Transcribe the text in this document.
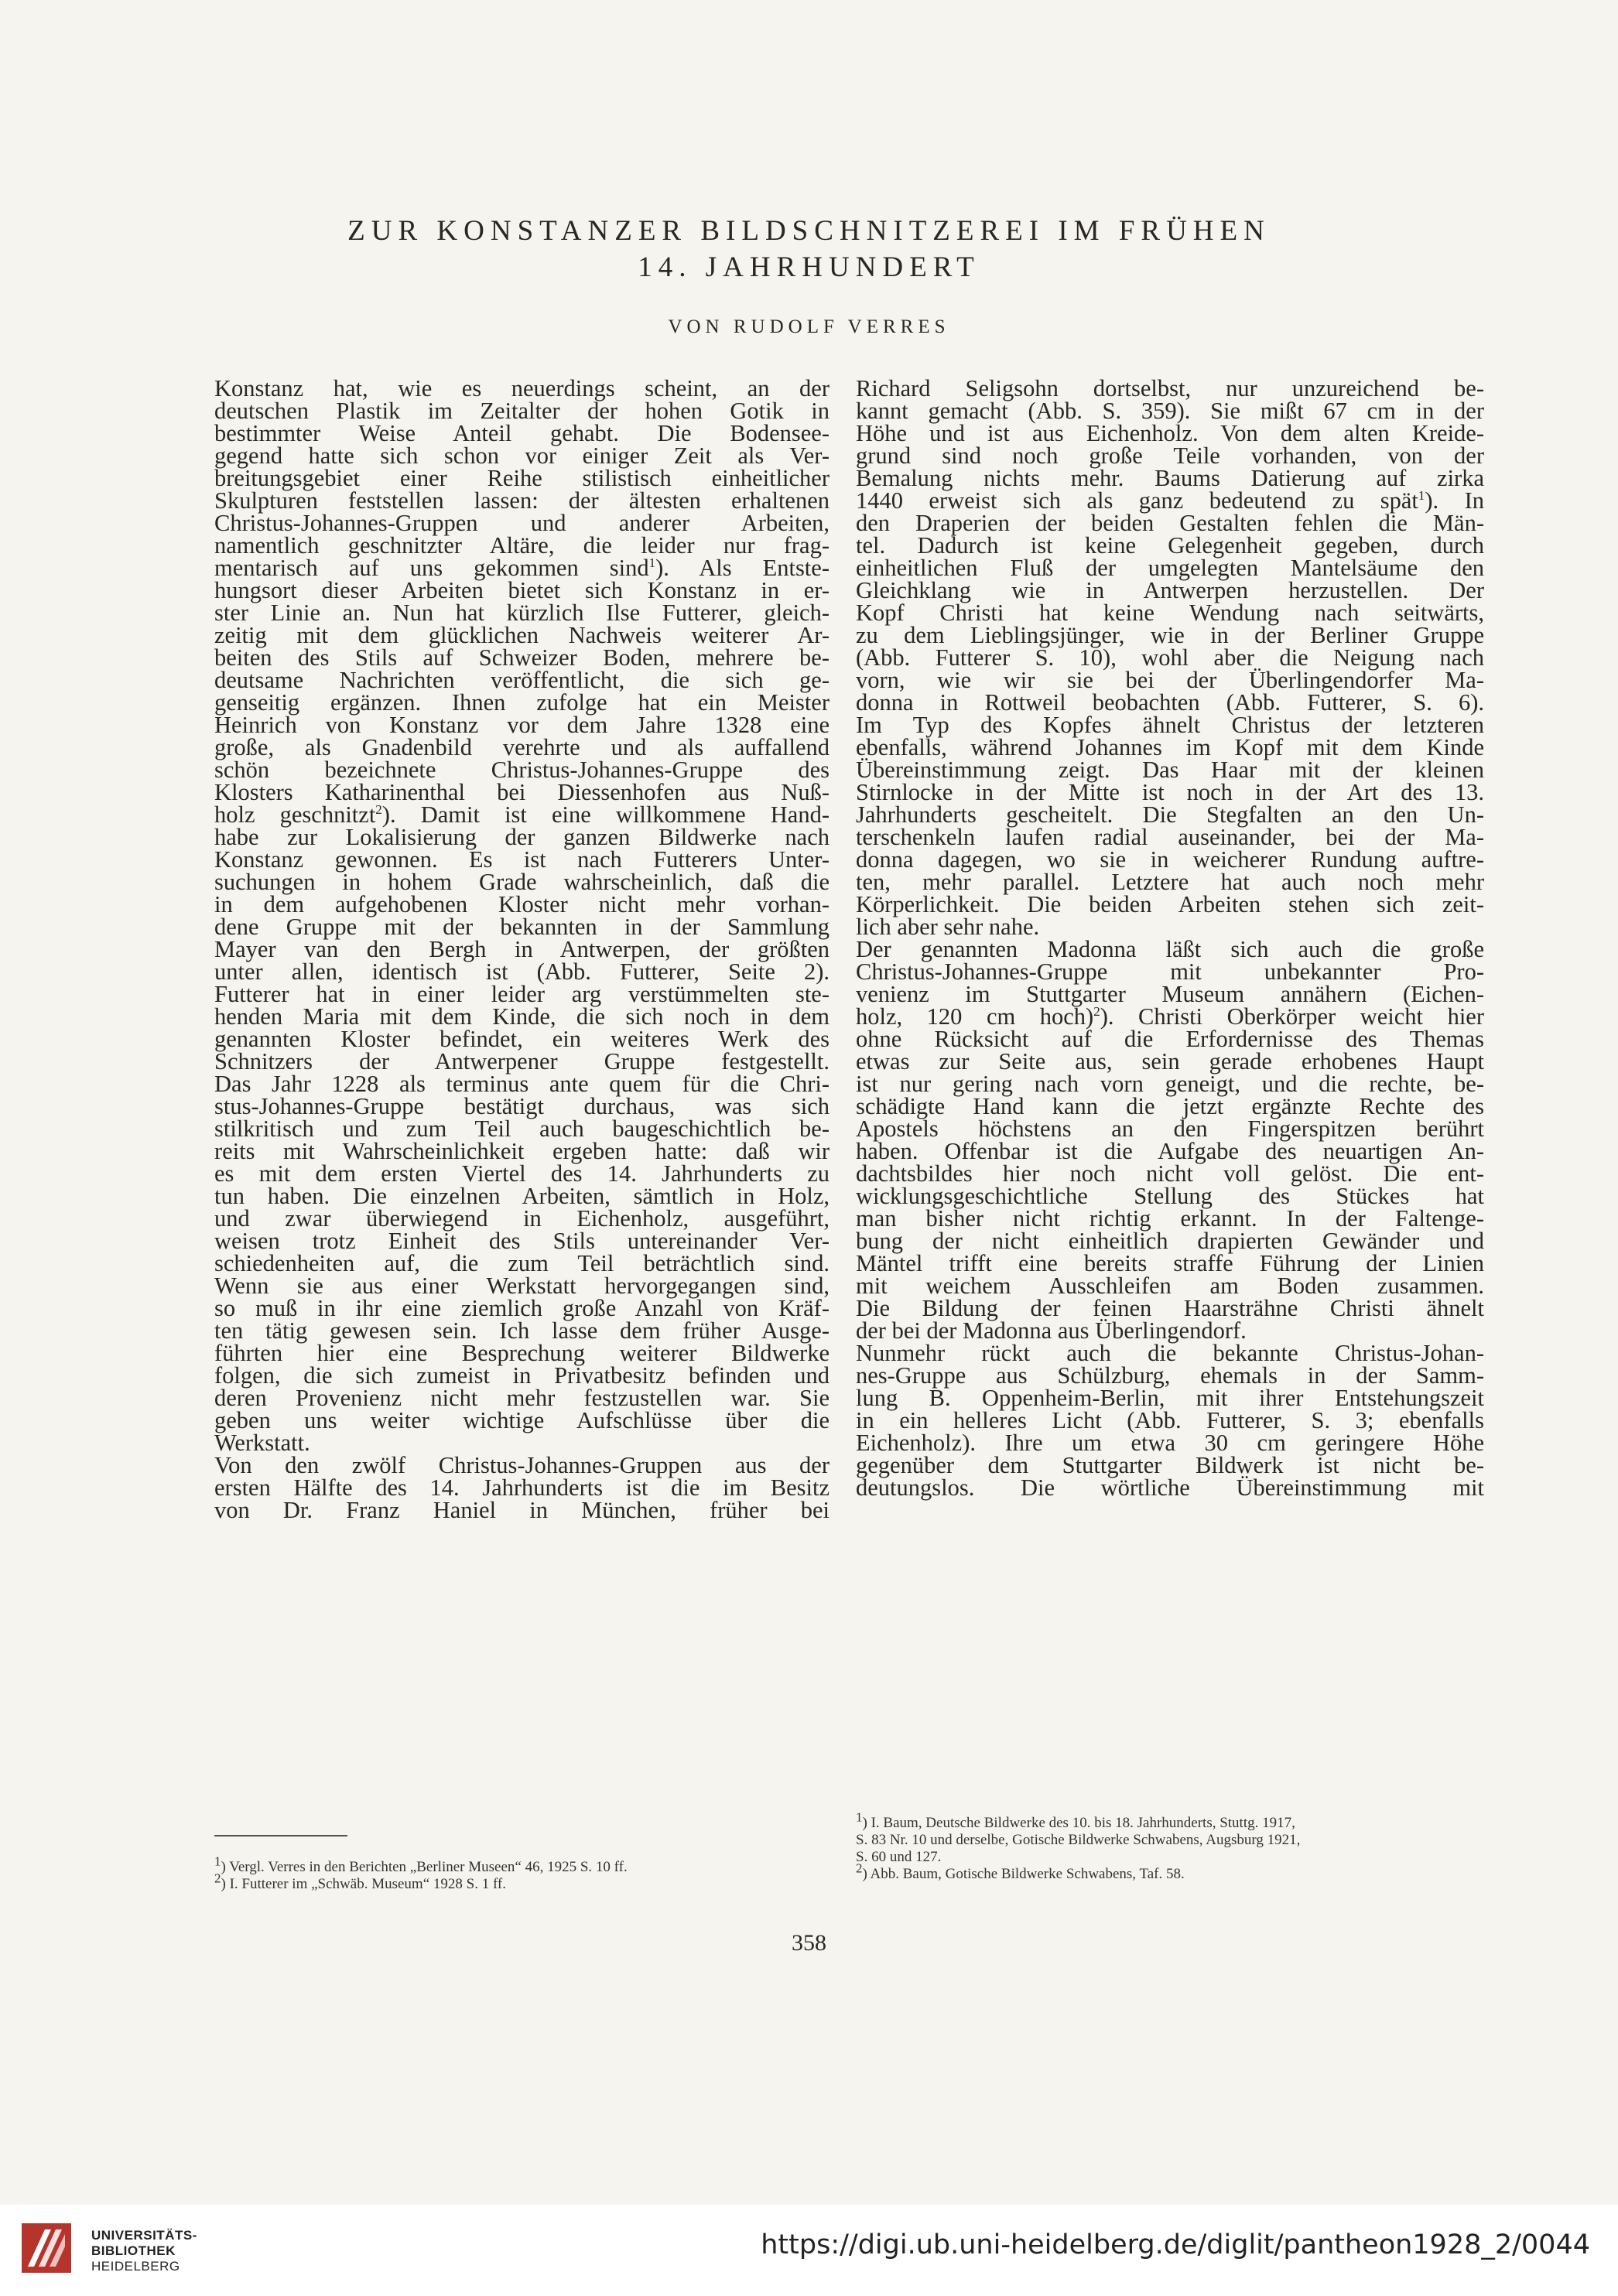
ZUR KONSTANZER BILDSCHNITZEREI IM FRÜHEN
14. JAHRHUNDERT
VON RUDOLF VERRES
Konstanz hat, wie es neuerdings scheint, an der
deutschen Plastik im Zeitalter der hohen Gotik in
bestimmter Weise Anteil gehabt. Die Bodensee-
gegend hatte sich schon vor einiger Zeit als Ver-
breitungsgebiet einer Reihe stilistisch einheitlicher
Skulpturen feststellen lassen: der ältesten erhaltenen
Christus-Johannes-Gruppen und anderer Arbeiten,
namentlich geschnitzter Altäre, die leider nur frag-
mentarisch auf uns gekommen sind$^1$). Als Entste-
hungsort dieser Arbeiten bietet sich Konstanz in er-
ster Linie an. Nun hat kürzlich Ilse Futterer, gleich-
zeitig mit dem glücklichen Nachweis weiterer Ar-
beiten des Stils auf Schweizer Boden, mehrere be-
deutsame Nachrichten veröffentlicht, die sich ge-
genseitig ergänzen. Ihnen zufolge hat ein Meister
Heinrich von Konstanz vor dem Jahre 1328 eine
große, als Gnadenbild verehrte und als auffallend
schön bezeichnete Christus-Johannes-Gruppe des
Klosters Katharinenthal bei Diessenhofen aus Nuß-
holz geschnitzt$^2$). Damit ist eine willkommene Hand-
habe zur Lokalisierung der ganzen Bildwerke nach
Konstanz gewonnen. Es ist nach Futterers Unter-
suchungen in hohem Grade wahrscheinlich, daß die
in dem aufgehobenen Kloster nicht mehr vorhan-
dene Gruppe mit der bekannten in der Sammlung
Mayer van den Bergh in Antwerpen, der größten
unter allen, identisch ist (Abb. Futterer, Seite 2).
Futterer hat in einer leider arg verstümmelten ste-
henden Maria mit dem Kinde, die sich noch in dem
genannten Kloster befindet, ein weiteres Werk des
Schnitzers der Antwerpener Gruppe festgestellt.
Das Jahr 1228 als terminus ante quem für die Chri-
stus-Johannes-Gruppe bestätigt durchaus, was sich
stilkritisch und zum Teil auch baugeschichtlich be-
reits mit Wahrscheinlichkeit ergeben hatte: daß wir
es mit dem ersten Viertel des 14. Jahrhunderts zu
tun haben. Die einzelnen Arbeiten, sämtlich in Holz,
und zwar überwiegend in Eichenholz, ausgeführt,
weisen trotz Einheit des Stils untereinander Ver-
schiedenheiten auf, die zum Teil beträchtlich sind.
Wenn sie aus einer Werkstatt hervorgegangen sind,
so muß in ihr eine ziemlich große Anzahl von Kräf-
ten tätig gewesen sein. Ich lasse dem früher Ausge-
führten hier eine Besprechung weiterer Bildwerke
folgen, die sich zumeist in Privatbesitz befinden und
deren Provenienz nicht mehr festzustellen war. Sie
geben uns weiter wichtige Aufschlüsse über die
Werkstatt.
Von den zwölf Christus-Johannes-Gruppen aus der
ersten Hälfte des 14. Jahrhunderts ist die im Besitz
von Dr. Franz Haniel in München, früher bei
Richard Seligsohn dortselbst, nur unzureichend be-
kannt gemacht (Abb. S. 359). Sie mißt 67 cm in der
Höhe und ist aus Eichenholz. Von dem alten Kreide-
grund sind noch große Teile vorhanden, von der
Bemalung nichts mehr. Baums Datierung auf zirka
1440 erweist sich als ganz bedeutend zu spät$^1$). In
den Draperien der beiden Gestalten fehlen die Män-
tel. Dadurch ist keine Gelegenheit gegeben, durch
einheitlichen Fluß der umgelegten Mantelsäume den
Gleichklang wie in Antwerpen herzustellen. Der
Kopf Christi hat keine Wendung nach seitwärts,
zu dem Lieblingsjünger, wie in der Berliner Gruppe
(Abb. Futterer S. 10), wohl aber die Neigung nach
vorn, wie wir sie bei der Überlingendorfer Ma-
donna in Rottweil beobachten (Abb. Futterer, S. 6).
Im Typ des Kopfes ähnelt Christus der letzteren
ebenfalls, während Johannes im Kopf mit dem Kinde
Übereinstimmung zeigt. Das Haar mit der kleinen
Stirnlocke in der Mitte ist noch in der Art des 13.
Jahrhunderts gescheitelt. Die Stegfalten an den Un-
terschenkeln laufen radial auseinander, bei der Ma-
donna dagegen, wo sie in weicherer Rundung auftre-
ten, mehr parallel. Letztere hat auch noch mehr
Körperlichkeit. Die beiden Arbeiten stehen sich zeit-
lich aber sehr nahe.
Der genannten Madonna läßt sich auch die große
Christus-Johannes-Gruppe mit unbekannter Pro-
venienz im Stuttgarter Museum annähern (Eichen-
holz, 120 cm hoch)$^2$). Christi Oberkörper weicht hier
ohne Rücksicht auf die Erfordernisse des Themas
etwas zur Seite aus, sein gerade erhobenes Haupt
ist nur gering nach vorn geneigt, und die rechte, be-
schädigte Hand kann die jetzt ergänzte Rechte des
Apostels höchstens an den Fingerspitzen berührt
haben. Offenbar ist die Aufgabe des neuartigen An-
dachtsbildes hier noch nicht voll gelöst. Die ent-
wicklungsgeschichtliche Stellung des Stückes hat
man bisher nicht richtig erkannt. In der Faltenge-
bung der nicht einheitlich drapierten Gewänder und
Mäntel trifft eine bereits straffe Führung der Linien
mit weichem Ausschleifen am Boden zusammen.
Die Bildung der feinen Haarsträhne Christi ähnelt
der bei der Madonna aus Überlingendorf.
Nunmehr rückt auch die bekannte Christus-Johan-
nes-Gruppe aus Schülzburg, ehemals in der Samm-
lung B. Oppenheim-Berlin, mit ihrer Entstehungszeit
in ein helleres Licht (Abb. Futterer, S. 3; ebenfalls
Eichenholz). Ihre um etwa 30 cm geringere Höhe
gegenüber dem Stuttgarter Bildwerk ist nicht be-
deutungslos. Die wörtliche Übereinstimmung mit
$^1$) Vergl. Verres in den Berichten „Berliner Museen“ 46, 1925 S. 10 ff.
$^2$) I. Futterer im „Schwäb. Museum“ 1928 S. 1 ff.
$^1$) I. Baum, Deutsche Bildwerke des 10. bis 18. Jahrhunderts, Stuttg. 1917,
S. 83 Nr. 10 und derselbe, Gotische Bildwerke Schwabens, Augsburg 1921,
S. 60 und 127.
$^2$) Abb. Baum, Gotische Bildwerke Schwabens, Taf. 58.
358
UNIVERSITÄTS-
BIBLIOTHEK
HEIDELBERG
https://digi.ub.uni-heidelberg.de/diglit/pantheon1928_2/0044
